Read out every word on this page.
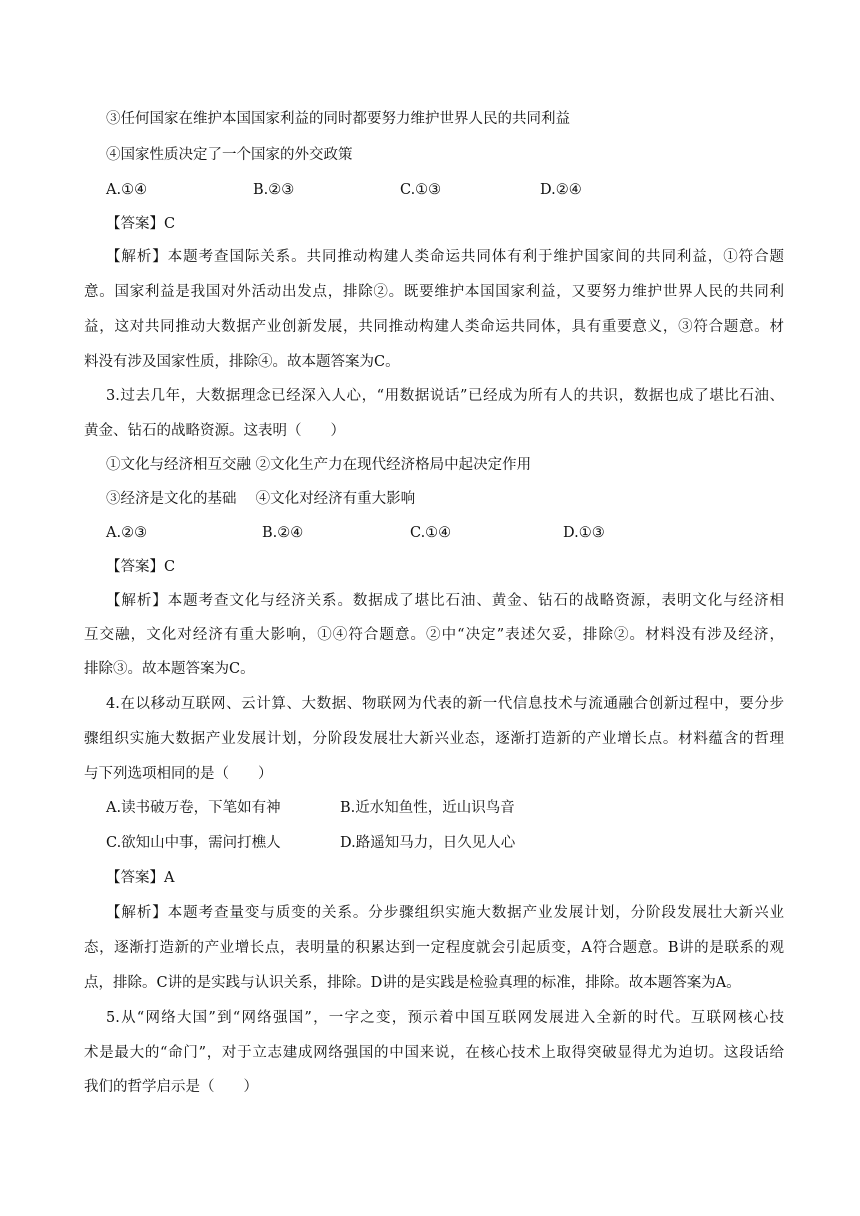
③任何国家在维护本国国家利益的同时都要努力维护世界人民的共同利益

④国家性质决定了一个国家的外交政策

A.①④	B.②③	C.①③	D.②④

【答案】C

【解析】本题考查国际关系。共同推动构建人类命运共同体有利于维护国家间的共同利益，①符合题

意。国家利益是我国对外活动出发点，排除②。既要维护本国国家利益，又要努力维护世界人民的共同利

益，这对共同推动大数据产业创新发展，共同推动构建人类命运共同体，具有重要意义，③符合题意。材

料没有涉及国家性质，排除④。故本题答案为C。

3.过去几年，大数据理念已经深入人心，“用数据说话”已经成为所有人的共识，数据也成了堪比石油、

黄金、钻石的战略资源。这表明（　　）

①文化与经济相互交融 ②文化生产力在现代经济格局中起决定作用

③经济是文化的基础　 ④文化对经济有重大影响

A.②③	B.②④	C.①④	D.①③

【答案】C

【解析】本题考查文化与经济关系。数据成了堪比石油、黄金、钻石的战略资源，表明文化与经济相

互交融，文化对经济有重大影响，①④符合题意。②中“决定”表述欠妥，排除②。材料没有涉及经济，

排除③。故本题答案为C。

4.在以移动互联网、云计算、大数据、物联网为代表的新一代信息技术与流通融合创新过程中，要分步

骤组织实施大数据产业发展计划，分阶段发展壮大新兴业态，逐渐打造新的产业增长点。材料蕴含的哲理

与下列选项相同的是（　　）

A.读书破万卷，下笔如有神	B.近水知鱼性，近山识鸟音
C.欲知山中事，需问打樵人	D.路遥知马力，日久见人心

【答案】A

【解析】本题考查量变与质变的关系。分步骤组织实施大数据产业发展计划，分阶段发展壮大新兴业

态，逐渐打造新的产业增长点，表明量的积累达到一定程度就会引起质变，A符合题意。B讲的是联系的观

点，排除。C讲的是实践与认识关系，排除。D讲的是实践是检验真理的标准，排除。故本题答案为A。

5.从“网络大国”到“网络强国”，一字之变，预示着中国互联网发展进入全新的时代。互联网核心技

术是最大的“命门”，对于立志建成网络强国的中国来说，在核心技术上取得突破显得尤为迫切。这段话给

我们的哲学启示是（　　）
